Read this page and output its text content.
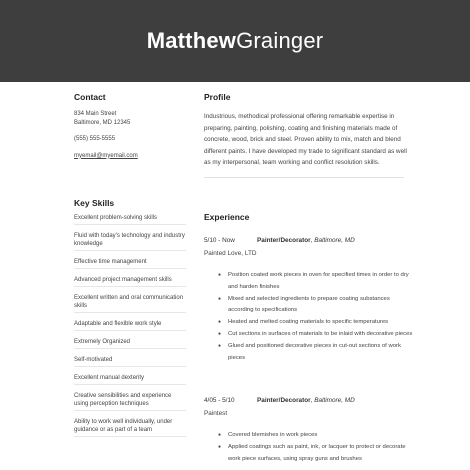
MatthewGrainger
Contact
834 Main Street
Baltimore, MD 12345
(555) 555-5555
myemail@myemail.com
Key Skills
Excellent problem-solving skills
Fluid with today's technology and industry knowledge
Effective time management
Advanced project management skills
Excellent written and oral communication skills
Adaptable and flexible work style
Extremely Organized
Self-motivated
Excellent manual dexterity
Creative sensibilities and experience using perception techniques
Ability to work well individually, under guidance or as part of a team
Profile
Industrious, methodical professional offering remarkable expertise in preparing, painting, polishing, coating and finishing materials made of concrete, wood, brick and steel. Proven ability to mix, match and blend different paints. I have developed my trade to significant standard as well as my interpersonal, team working and conflict resolution skills.
Experience
5/10 - Now	Painter/Decorator, Baltimore, MD
Painted Love, LTD
● Position coated work pieces in oven for specified times in order to dry and harden finishes
● Mixed and selected ingredients to prepare coating substances according to specifications
● Heated and melted coating materials to specific temperatures
● Cut sections in surfaces of materials to be inlaid with decorative pieces
● Glued and positioned decorative pieces in cut-out sections of work pieces
4/05 - 5/10	Painter/Decorator, Baltimore, MD
Paintest
● Covered blemishes in work pieces
● Applied coatings such as paint, ink, or lacquer to protect or decorate work piece surfaces, using spray guns and brushes
